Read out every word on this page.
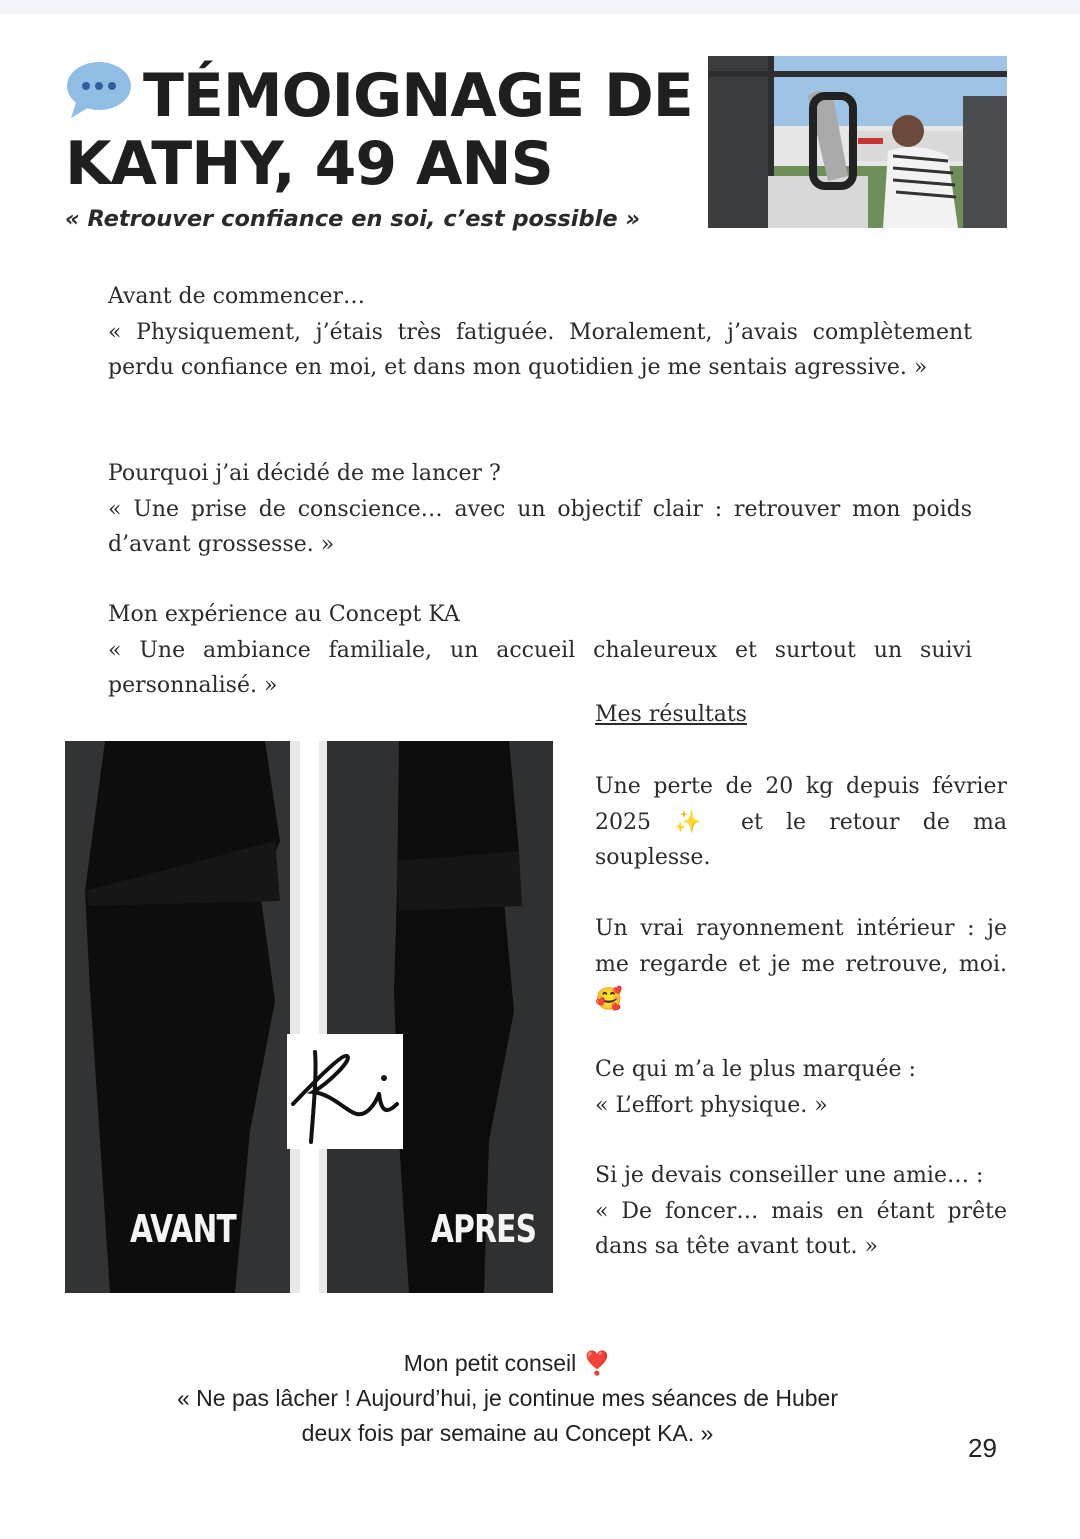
TÉMOIGNAGE DE
KATHY, 49 ANS
« Retrouver confiance en soi, c’est possible »

Avant de commencer…

« Physiquement, j’étais très fatiguée. Moralement, j’avais complètement perdu confiance en moi, et dans mon quotidien je me sentais agressive. »

Pourquoi j’ai décidé de me lancer ?

« Une prise de conscience… avec un objectif clair : retrouver mon poids d’avant grossesse. »

Mon expérience au Concept KA

« Une ambiance familiale, un accueil chaleureux et surtout un suivi personnalisé. »

AVANT	APRES
Mes résultats

Une perte de 20 kg depuis février 2025 ✨ et le retour de ma souplesse.

Un vrai rayonnement intérieur : je me regarde et je me retrouve, moi.🥰

Ce qui m’a le plus marquée :

« L’effort physique. »

Si je devais conseiller une amie… :

« De foncer… mais en étant prête dans sa tête avant tout. »

Mon petit conseil ❣️
« Ne pas lâcher ! Aujourd’hui, je continue mes séances de Huber
deux fois par semaine au Concept KA. »	29
